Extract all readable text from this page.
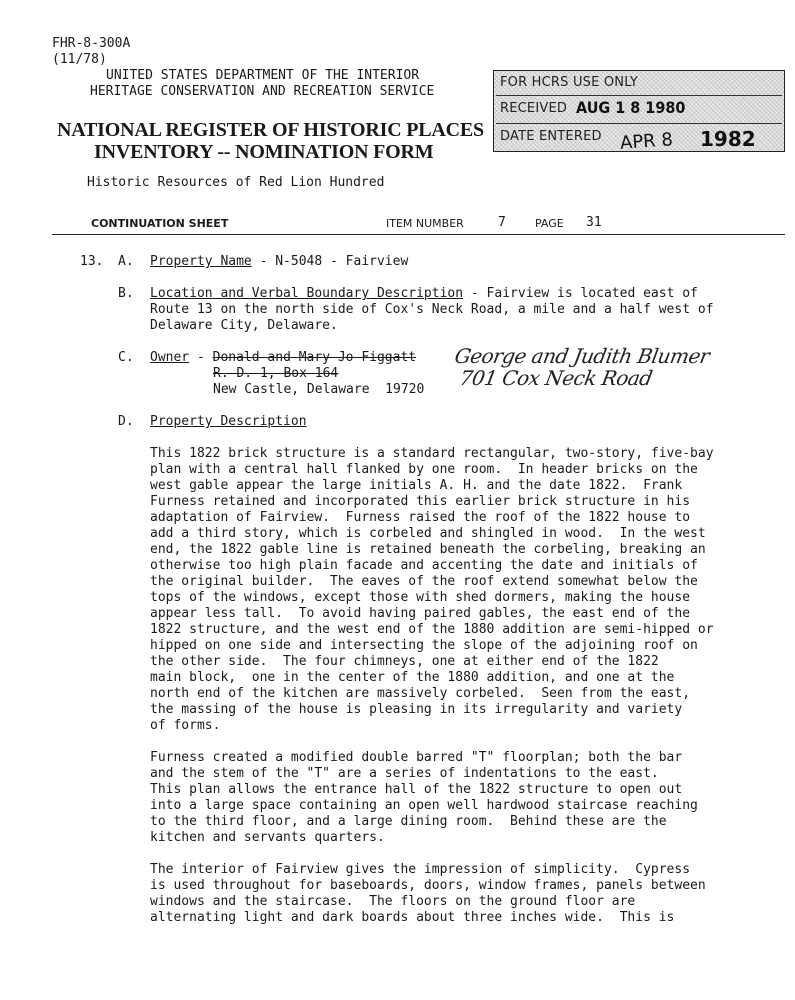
FHR-8-300A
(11/78)
UNITED STATES DEPARTMENT OF THE INTERIOR
HERITAGE CONSERVATION AND RECREATION SERVICE
NATIONAL REGISTER OF HISTORIC PLACES
INVENTORY -- NOMINATION FORM
Historic Resources of Red Lion Hundred
FOR HCRS USE ONLY
RECEIVED AUG 1 8 1980
DATE ENTERED APR 8 1982
CONTINUATION SHEET	ITEM NUMBER	7	PAGE 31
13. A. Property Name - N-5048 - Fairview
B. Location and Verbal Boundary Description - Fairview is located east of
Route 13 on the north side of Cox's Neck Road, a mile and a half west of
Delaware City, Delaware.
C. Owner - Donald and Mary Jo Figgatt
R. D. 1, Box 164
New Castle, Delaware  19720
George and Judith Blumer
701 Cox Neck Road
D. Property Description
This 1822 brick structure is a standard rectangular, two-story, five-bay
plan with a central hall flanked by one room.  In header bricks on the
west gable appear the large initials A. H. and the date 1822.  Frank
Furness retained and incorporated this earlier brick structure in his
adaptation of Fairview.  Furness raised the roof of the 1822 house to
add a third story, which is corbeled and shingled in wood.  In the west
end, the 1822 gable line is retained beneath the corbeling, breaking an
otherwise too high plain facade and accenting the date and initials of
the original builder.  The eaves of the roof extend somewhat below the
tops of the windows, except those with shed dormers, making the house
appear less tall.  To avoid having paired gables, the east end of the
1822 structure, and the west end of the 1880 addition are semi-hipped or
hipped on one side and intersecting the slope of the adjoining roof on
the other side.  The four chimneys, one at either end of the 1822
main block,  one in the center of the 1880 addition, and one at the
north end of the kitchen are massively corbeled.  Seen from the east,
the massing of the house is pleasing in its irregularity and variety
of forms.
Furness created a modified double barred "T" floorplan; both the bar
and the stem of the "T" are a series of indentations to the east.
This plan allows the entrance hall of the 1822 structure to open out
into a large space containing an open well hardwood staircase reaching
to the third floor, and a large dining room.  Behind these are the
kitchen and servants quarters.
The interior of Fairview gives the impression of simplicity.  Cypress
is used throughout for baseboards, doors, window frames, panels between
windows and the staircase.  The floors on the ground floor are
alternating light and dark boards about three inches wide.  This is
